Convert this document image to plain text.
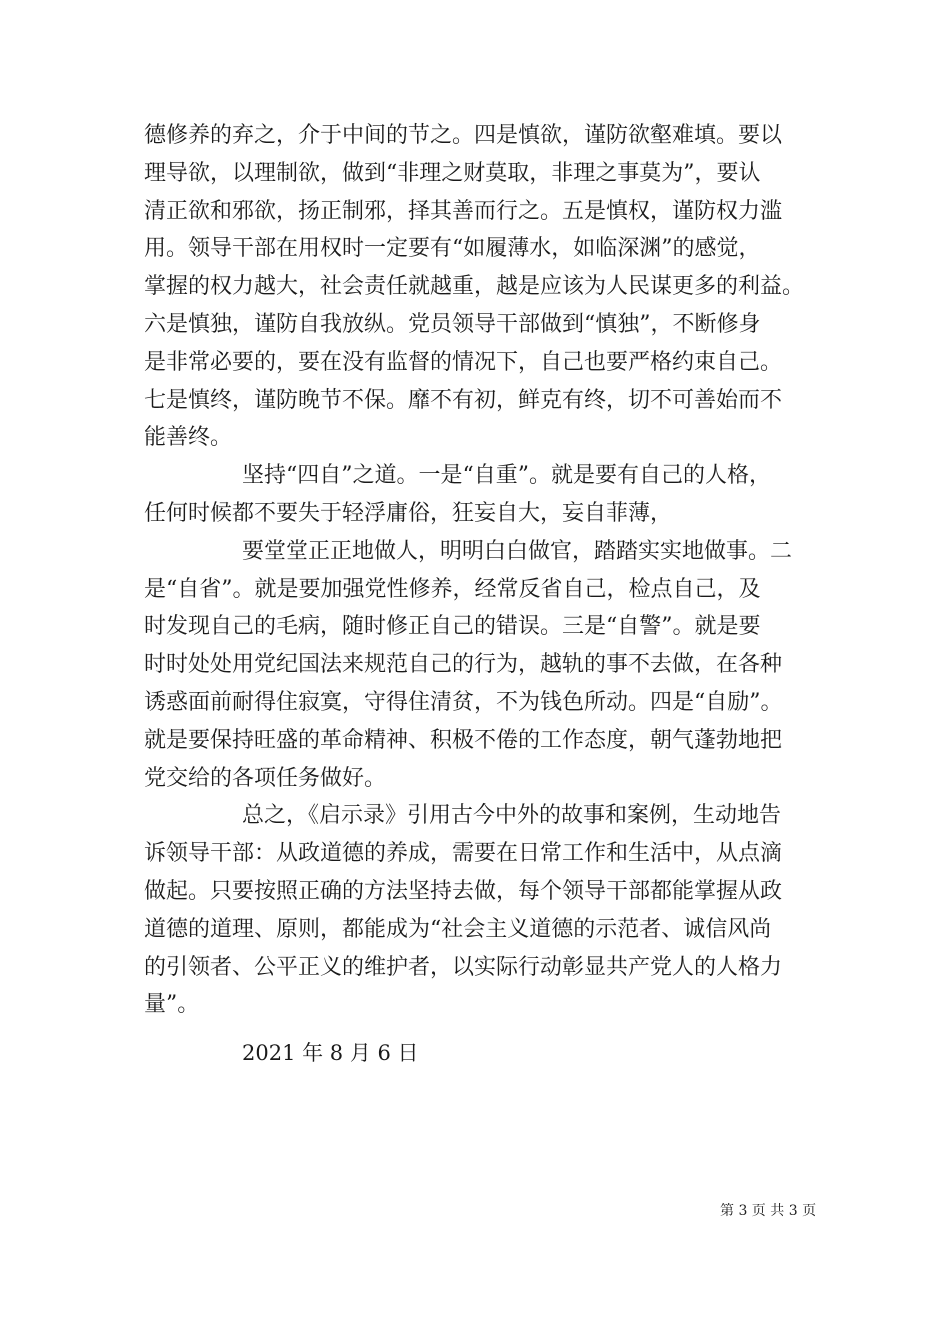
德修养的弃之，介于中间的节之。四是慎欲，谨防欲壑难填。要以
理导欲，以理制欲，做到“非理之财莫取，非理之事莫为”，要认
清正欲和邪欲，扬正制邪，择其善而行之。五是慎权，谨防权力滥
用。领导干部在用权时一定要有“如履薄水，如临深渊”的感觉，
掌握的权力越大，社会责任就越重，越是应该为人民谋更多的利益。
六是慎独，谨防自我放纵。党员领导干部做到“慎独”，不断修身
是非常必要的，要在没有监督的情况下，自己也要严格约束自己。
七是慎终，谨防晚节不保。靡不有初，鲜克有终，切不可善始而不
能善终。
坚持“四自”之道。一是“自重”。就是要有自己的人格，
任何时候都不要失于轻浮庸俗，狂妄自大，妄自菲薄，
要堂堂正正地做人，明明白白做官，踏踏实实地做事。二
是“自省”。就是要加强党性修养，经常反省自己，检点自己，及
时发现自己的毛病，随时修正自己的错误。三是“自警”。就是要
时时处处用党纪国法来规范自己的行为，越轨的事不去做，在各种
诱惑面前耐得住寂寞，守得住清贫，不为钱色所动。四是“自励”。
就是要保持旺盛的革命精神、积极不倦的工作态度，朝气蓬勃地把
党交给的各项任务做好。
总之，《启示录》引用古今中外的故事和案例，生动地告
诉领导干部：从政道德的养成，需要在日常工作和生活中，从点滴
做起。只要按照正确的方法坚持去做，每个领导干部都能掌握从政
道德的道理、原则，都能成为“社会主义道德的示范者、诚信风尚
的引领者、公平正义的维护者，以实际行动彰显共产党人的人格力
量”。
2021 年 8 月 6 日
第 3 页 共 3 页
